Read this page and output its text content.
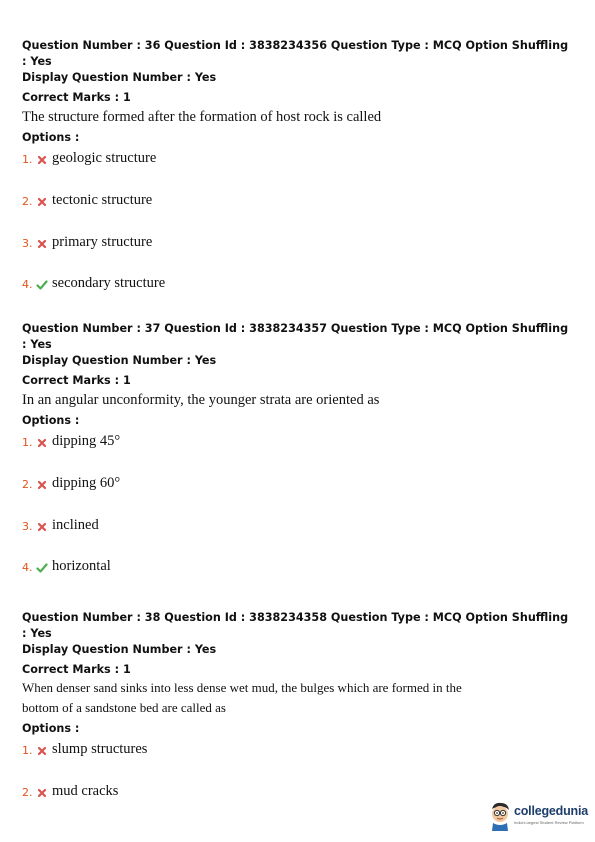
Question Number : 36 Question Id : 3838234356 Question Type : MCQ Option Shuffling : Yes
Display Question Number : Yes
Correct Marks : 1
The structure formed after the formation of host rock is called
Options :
1. geologic structure
2. tectonic structure
3. primary structure
4. secondary structure
Question Number : 37 Question Id : 3838234357 Question Type : MCQ Option Shuffling : Yes
Display Question Number : Yes
Correct Marks : 1
In an angular unconformity, the younger strata are oriented as
Options :
1. dipping 45°
2. dipping 60°
3. inclined
4. horizontal
Question Number : 38 Question Id : 3838234358 Question Type : MCQ Option Shuffling : Yes
Display Question Number : Yes
Correct Marks : 1
When denser sand sinks into less dense wet mud, the bulges which are formed in the
bottom of a sandstone bed are called as
Options :
1. slump structures
2. mud cracks
collegedunia
India's largest Student Review Platform
